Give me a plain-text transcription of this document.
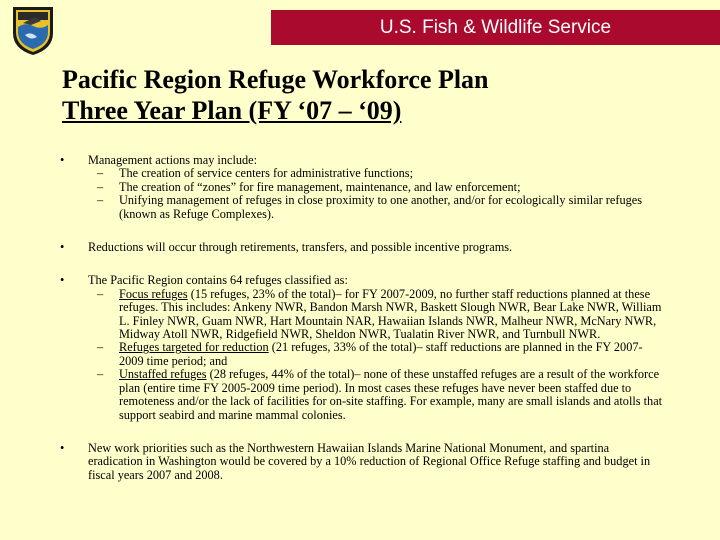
U.S. Fish & Wildlife Service
Pacific Region Refuge Workforce Plan
Three Year Plan (FY ‘07 – ‘09)
• Management actions may include:
– The creation of service centers for administrative functions;
– The creation of “zones” for fire management, maintenance, and law enforcement;
– Unifying management of refuges in close proximity to one another, and/or for ecologically similar refuges (known as Refuge Complexes).
• Reductions will occur through retirements, transfers, and possible incentive programs.
• The Pacific Region contains 64 refuges classified as:
– Focus refuges (15 refuges, 23% of the total)– for FY 2007-2009, no further staff reductions planned at these refuges. This includes: Ankeny NWR, Bandon Marsh NWR, Baskett Slough NWR, Bear Lake NWR, William L. Finley NWR, Guam NWR, Hart Mountain NAR, Hawaiian Islands NWR, Malheur NWR, McNary NWR, Midway Atoll NWR, Ridgefield NWR, Sheldon NWR, Tualatin River NWR, and Turnbull NWR.
– Refuges targeted for reduction (21 refuges, 33% of the total)– staff reductions are planned in the FY 2007-2009 time period; and
– Unstaffed refuges (28 refuges, 44% of the total)– none of these unstaffed refuges are a result of the workforce plan (entire time FY 2005-2009 time period). In most cases these refuges have never been staffed due to remoteness and/or the lack of facilities for on-site staffing. For example, many are small islands and atolls that support seabird and marine mammal colonies.
• New work priorities such as the Northwestern Hawaiian Islands Marine National Monument, and spartina eradication in Washington would be covered by a 10% reduction of Regional Office Refuge staffing and budget in fiscal years 2007 and 2008.
